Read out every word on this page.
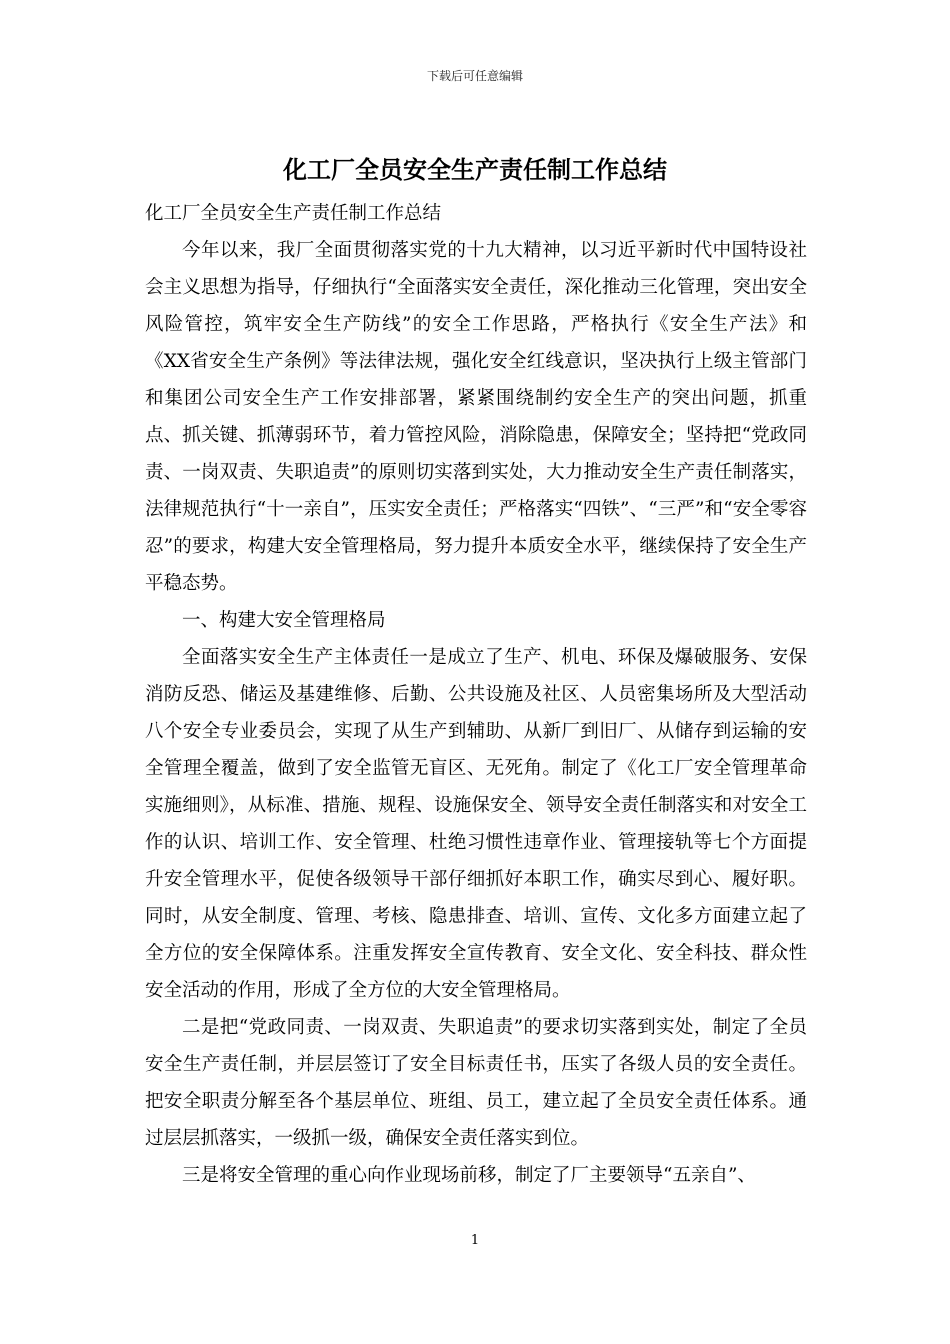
下载后可任意编辑
化工厂全员安全生产责任制工作总结

化工厂全员安全生产责任制工作总结

今年以来，我厂全面贯彻落实党的十九大精神，以习近平新时代中国特设社会主义思想为指导，仔细执行“全面落实安全责任，深化推动三化管理，突出安全风险管控，筑牢安全生产防线”的安全工作思路，严格执行《安全生产法》和《XX省安全生产条例》等法律法规，强化安全红线意识，坚决执行上级主管部门和集团公司安全生产工作安排部署，紧紧围绕制约安全生产的突出问题，抓重点、抓关键、抓薄弱环节，着力管控风险，消除隐患，保障安全；坚持把“党政同责、一岗双责、失职追责”的原则切实落到实处，大力推动安全生产责任制落实，法律规范执行“十一亲自”，压实安全责任；严格落实“四铁”、“三严”和“安全零容忍”的要求，构建大安全管理格局，努力提升本质安全水平，继续保持了安全生产平稳态势。

一、构建大安全管理格局

全面落实安全生产主体责任一是成立了生产、机电、环保及爆破服务、安保消防反恐、储运及基建维修、后勤、公共设施及社区、人员密集场所及大型活动八个安全专业委员会，实现了从生产到辅助、从新厂到旧厂、从储存到运输的安全管理全覆盖，做到了安全监管无盲区、无死角。制定了《化工厂安全管理革命实施细则》，从标准、措施、规程、设施保安全、领导安全责任制落实和对安全工作的认识、培训工作、安全管理、杜绝习惯性违章作业、管理接轨等七个方面提升安全管理水平，促使各级领导干部仔细抓好本职工作，确实尽到心、履好职。同时，从安全制度、管理、考核、隐患排查、培训、宣传、文化多方面建立起了全方位的安全保障体系。注重发挥安全宣传教育、安全文化、安全科技、群众性安全活动的作用，形成了全方位的大安全管理格局。

二是把“党政同责、一岗双责、失职追责”的要求切实落到实处，制定了全员安全生产责任制，并层层签订了安全目标责任书，压实了各级人员的安全责任。把安全职责分解至各个基层单位、班组、员工，建立起了全员安全责任体系。通过层层抓落实，一级抓一级，确保安全责任落实到位。

三是将安全管理的重心向作业现场前移，制定了厂主要领导“五亲自”、

1
